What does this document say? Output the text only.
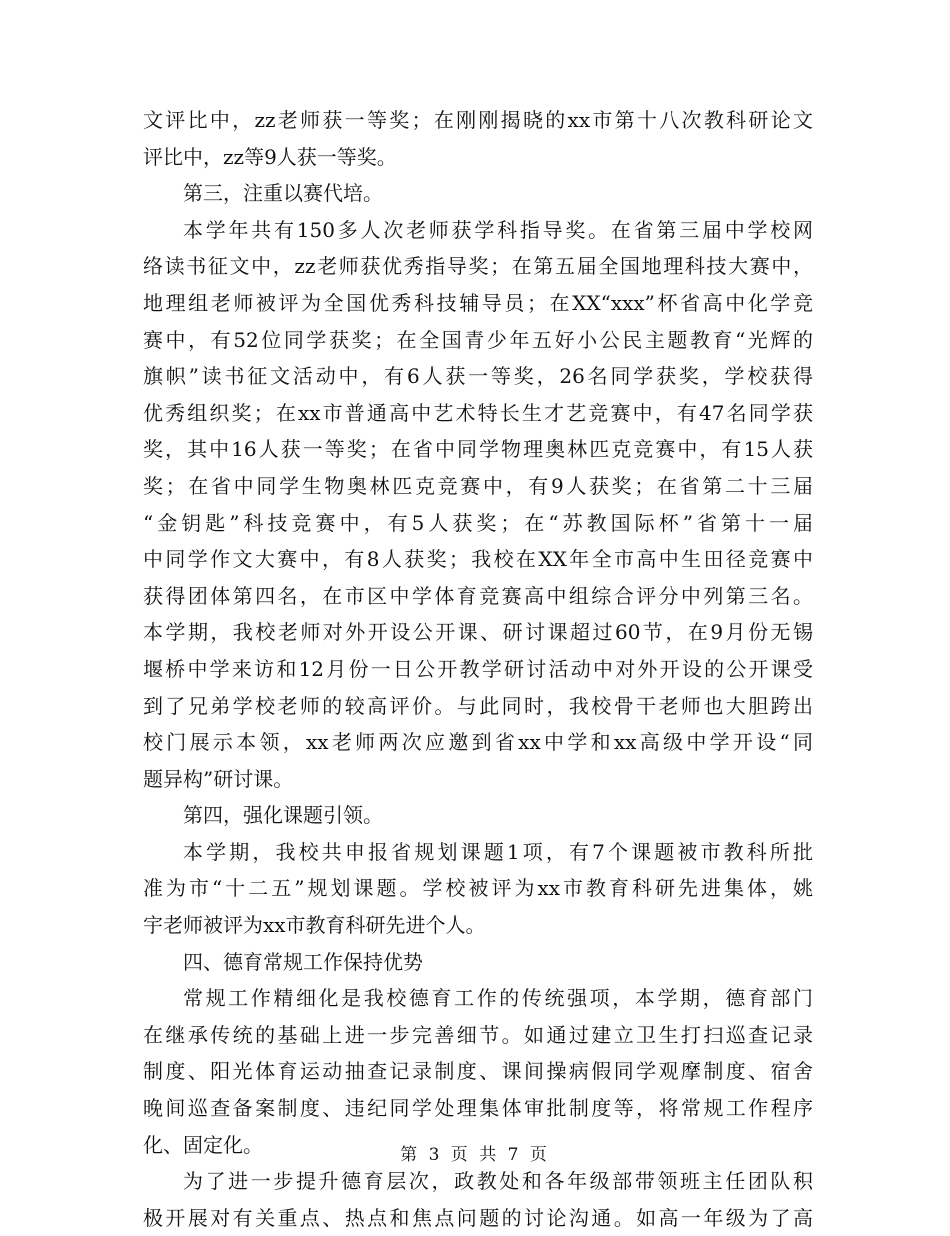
文评比中，zz老师获一等奖；在刚刚揭晓的xx市第十八次教科研论文
评比中，zz等9人获一等奖。
第三，注重以赛代培。
本学年共有150多人次老师获学科指导奖。在省第三届中学校网
络读书征文中，zz老师获优秀指导奖；在第五届全国地理科技大赛中，
地理组老师被评为全国优秀科技辅导员；在XX“xxx”杯省高中化学竞
赛中，有52位同学获奖；在全国青少年五好小公民主题教育“光辉的
旗帜”读书征文活动中，有6人获一等奖，26名同学获奖，学校获得
优秀组织奖；在xx市普通高中艺术特长生才艺竞赛中，有47名同学获
奖，其中16人获一等奖；在省中同学物理奥林匹克竞赛中，有15人获
奖；在省中同学生物奥林匹克竞赛中，有9人获奖；在省第二十三届
“金钥匙”科技竞赛中，有5人获奖；在“苏教国际杯”省第十一届
中同学作文大赛中，有8人获奖；我校在XX年全市高中生田径竞赛中
获得团体第四名，在市区中学体育竞赛高中组综合评分中列第三名。
本学期，我校老师对外开设公开课、研讨课超过60节，在9月份无锡
堰桥中学来访和12月份一日公开教学研讨活动中对外开设的公开课受
到了兄弟学校老师的较高评价。与此同时，我校骨干老师也大胆跨出
校门展示本领，xx老师两次应邀到省xx中学和xx高级中学开设“同
题异构”研讨课。
第四，强化课题引领。
本学期，我校共申报省规划课题1项，有7个课题被市教科所批
准为市“十二五”规划课题。学校被评为xx市教育科研先进集体，姚
宇老师被评为xx市教育科研先进个人。
四、德育常规工作保持优势
常规工作精细化是我校德育工作的传统强项，本学期，德育部门
在继承传统的基础上进一步完善细节。如通过建立卫生打扫巡查记录
制度、阳光体育运动抽查记录制度、课间操病假同学观摩制度、宿舍
晚间巡查备案制度、违纪同学处理集体审批制度等，将常规工作程序
化、固定化。
为了进一步提升德育层次，政教处和各年级部带领班主任团队积
极开展对有关重点、热点和焦点问题的讨论沟通。如高一年级为了高
第 3 页 共 7 页
